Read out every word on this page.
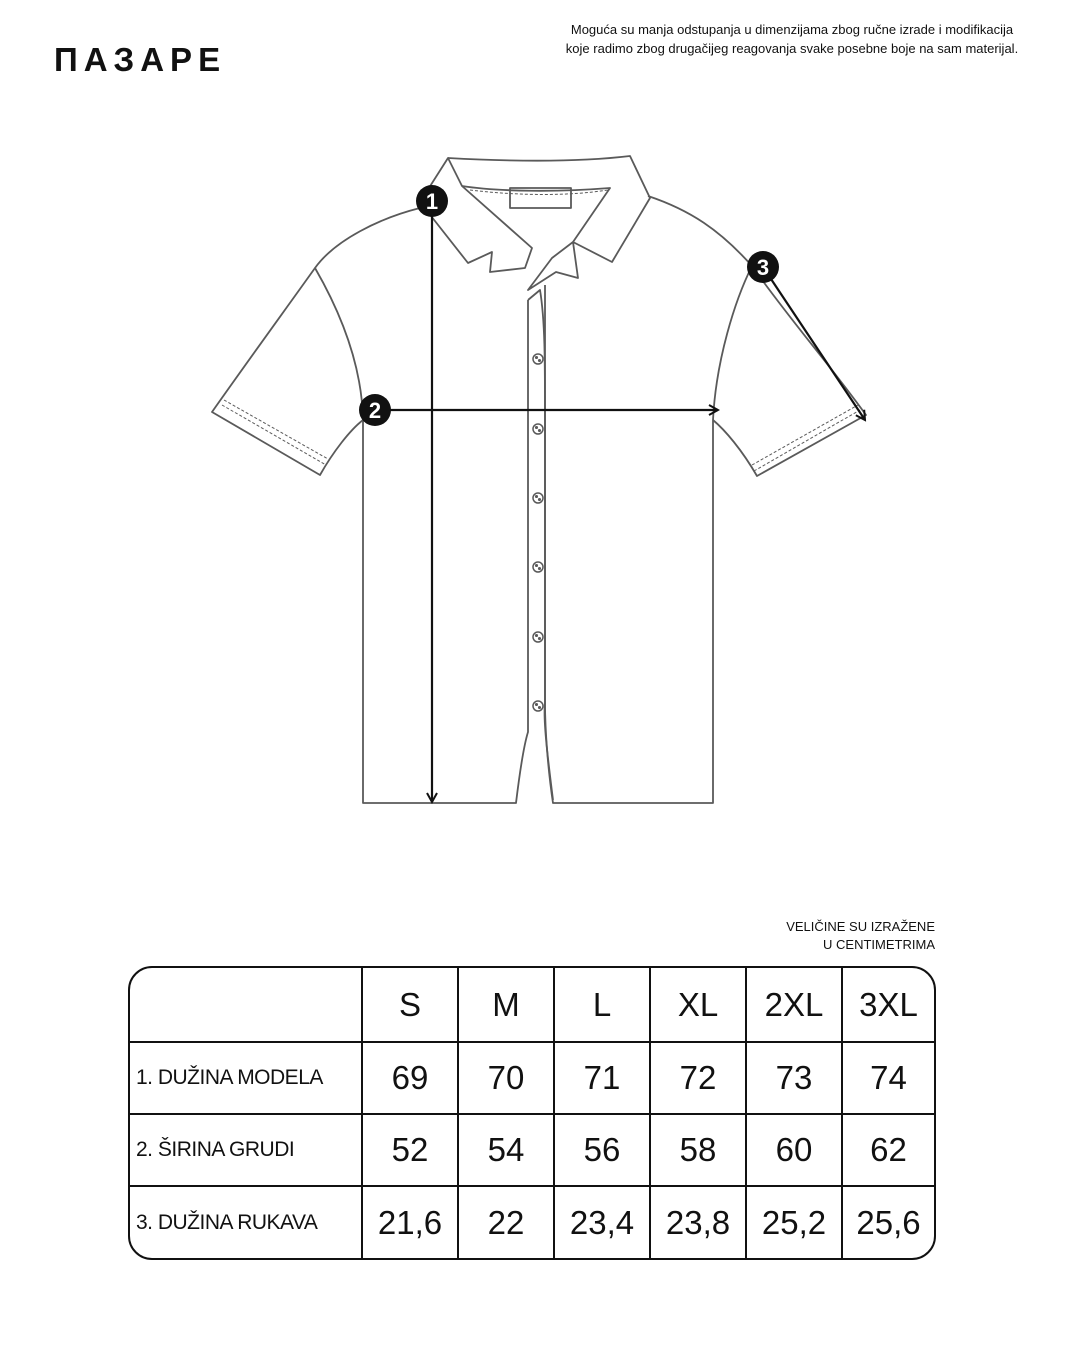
ПAЗAPE
Moguća su manja odstupanja u dimenzijama zbog ručne izrade i modifikacija
koje radimo zbog drugačijeg reagovanja svake posebne boje na sam materijal.
1
2
3
VELIČINE SU IZRAŽENE
U CENTIMETRIMA
	S	M	L	XL	2XL	3XL
1. DUŽINA MODELA	69	70	71	72	73	74
2. ŠIRINA GRUDI	52	54	56	58	60	62
3. DUŽINA RUKAVA	21,6	22	23,4	23,8	25,2	25,6
